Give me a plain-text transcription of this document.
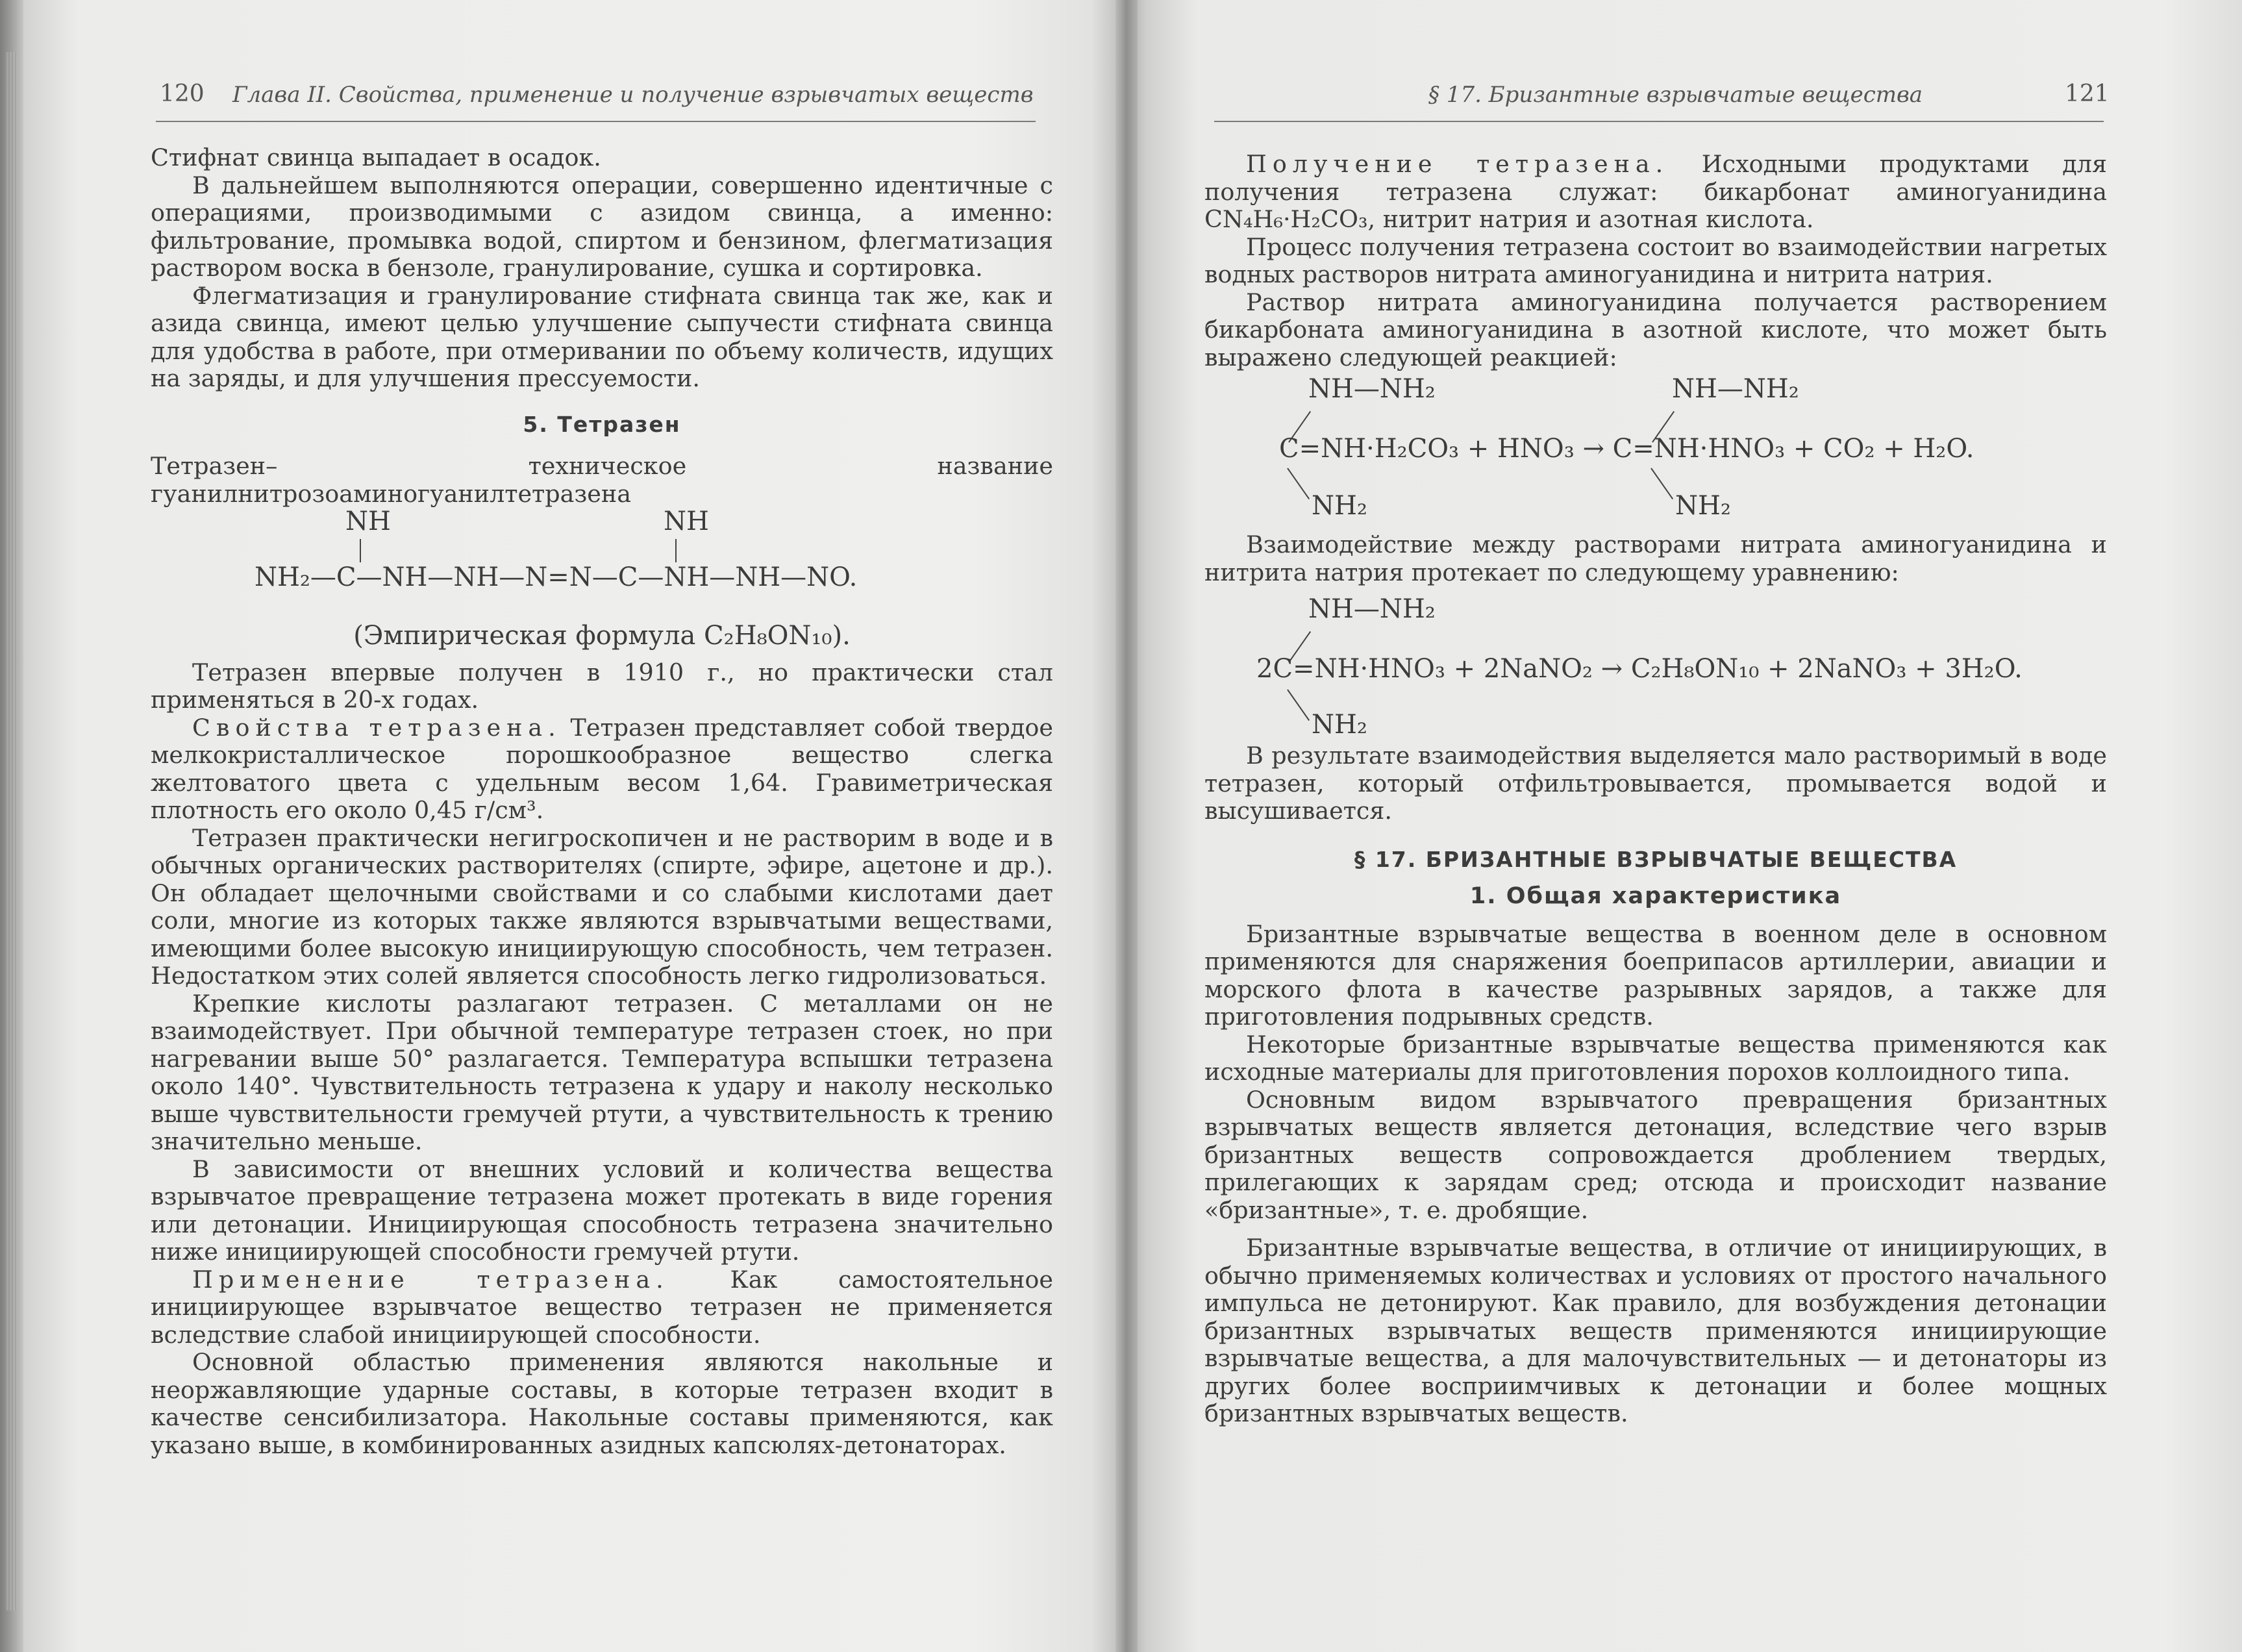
120 Глава II. Свойства, применение и получение взрывчатых веществ

Стифнат свинца выпадает в осадок.

В дальнейшем выполняются операции, совершенно идентичные с операциями, производимыми с азидом свинца, а именно: фильтрование, промывка водой, спиртом и бензином, флегматизация раствором воска в бензоле, гранулирование, сушка и сортировка.

Флегматизация и гранулирование стифната свинца так же, как и азида свинца, имеют целью улучшение сыпучести стифната свинца для удобства в работе, при отмеривании по объему количеств, идущих на заряды, и для улучшения прессуемости.

5. Тетразен

Тетразен– техническое название гуанилнитрозоаминогуанилтетразена

NH	NH
NH₂—C—NH—NH—N=N—C—NH—NH—NO.

(Эмпирическая формула C₂H₈ON₁₀).

Тетразен впервые получен в 1910 г., но практически стал применяться в 20-х годах.

Свойства тетразена. Тетразен представляет собой твердое мелкокристаллическое порошкообразное вещество слегка желтоватого цвета с удельным весом 1,64. Гравиметрическая плотность его около 0,45 г/см³.

Тетразен практически негигроскопичен и не растворим в воде и в обычных органических растворителях (спирте, эфире, ацетоне и др.). Он обладает щелочными свойствами и со слабыми кислотами дает соли, многие из которых также являются взрывчатыми веществами, имеющими более высокую инициирующую способность, чем тетразен. Недостатком этих солей является способность легко гидролизоваться.

Крепкие кислоты разлагают тетразен. С металлами он не взаимодействует. При обычной температуре тетразен стоек, но при нагревании выше 50° разлагается. Температура вспышки тетразена около 140°. Чувствительность тетразена к удару и наколу несколько выше чувствительности гремучей ртути, а чувствительность к трению значительно меньше.

В зависимости от внешних условий и количества вещества взрывчатое превращение тетразена может протекать в виде горения или детонации. Инициирующая способность тетразена значительно ниже инициирующей способности гремучей ртути.

Применение тетразена.	Как самостоятельное инициирующее взрывчатое вещество тетразен не применяется вследствие слабой инициирующей способности.

Основной областью применения являются накольные и неоржавляющие ударные составы, в которые тетразен входит в качестве сенсибилизатора. Накольные составы применяются, как указано выше, в комбинированных азидных капсюлях-детонаторах.

§ 17. Бризантные взрывчатые вещества	121

Получение тетразена. Исходными продуктами для получения тетразена служат: бикарбонат аминогуанидина CN₄H₆·H₂CO₃, нитрит натрия и азотная кислота.

Процесс получения тетразена состоит во взаимодействии нагретых водных растворов нитрата аминогуанидина и нитрита натрия.

Раствор нитрата аминогуанидина получается растворением бикарбоната аминогуанидина в азотной кислоте, что может быть выражено следующей реакцией:

NH—NH₂	NH—NH₂
C=NH·H₂CO₃ + HNO₃ → C=NH·HNO₃ + CO₂ + H₂O.
NH₂	NH₂

Взаимодействие между растворами нитрата аминогуанидина и нитрита натрия протекает по следующему уравнению:

NH—NH₂
2C=NH·HNO₃ + 2NaNO₂ → C₂H₈ON₁₀ + 2NaNO₃ + 3H₂O.
NH₂

В результате взаимодействия выделяется мало растворимый в воде тетразен, который отфильтровывается, промывается водой и высушивается.

§ 17. БРИЗАНТНЫЕ ВЗРЫВЧАТЫЕ ВЕЩЕСТВА
1. Общая характеристика

Бризантные взрывчатые вещества в военном деле в основном применяются для снаряжения боеприпасов артиллерии, авиации и морского флота в качестве разрывных зарядов, а также для приготовления подрывных средств.

Некоторые бризантные взрывчатые вещества применяются как исходные материалы для приготовления порохов коллоидного типа.

Основным видом взрывчатого превращения бризантных взрывчатых веществ является детонация, вследствие чего взрыв бризантных веществ сопровождается дроблением твердых, прилегающих к зарядам сред; отсюда и происходит название «бризантные», т. е. дробящие.

Бризантные взрывчатые вещества, в отличие от инициирующих, в обычно применяемых количествах и условиях от простого начального импульса не детонируют. Как правило, для возбуждения детонации бризантных взрывчатых веществ применяются инициирующие взрывчатые вещества, а для малочувствительных — и детонаторы из других более восприимчивых к детонации и более мощных бризантных взрывчатых веществ.
